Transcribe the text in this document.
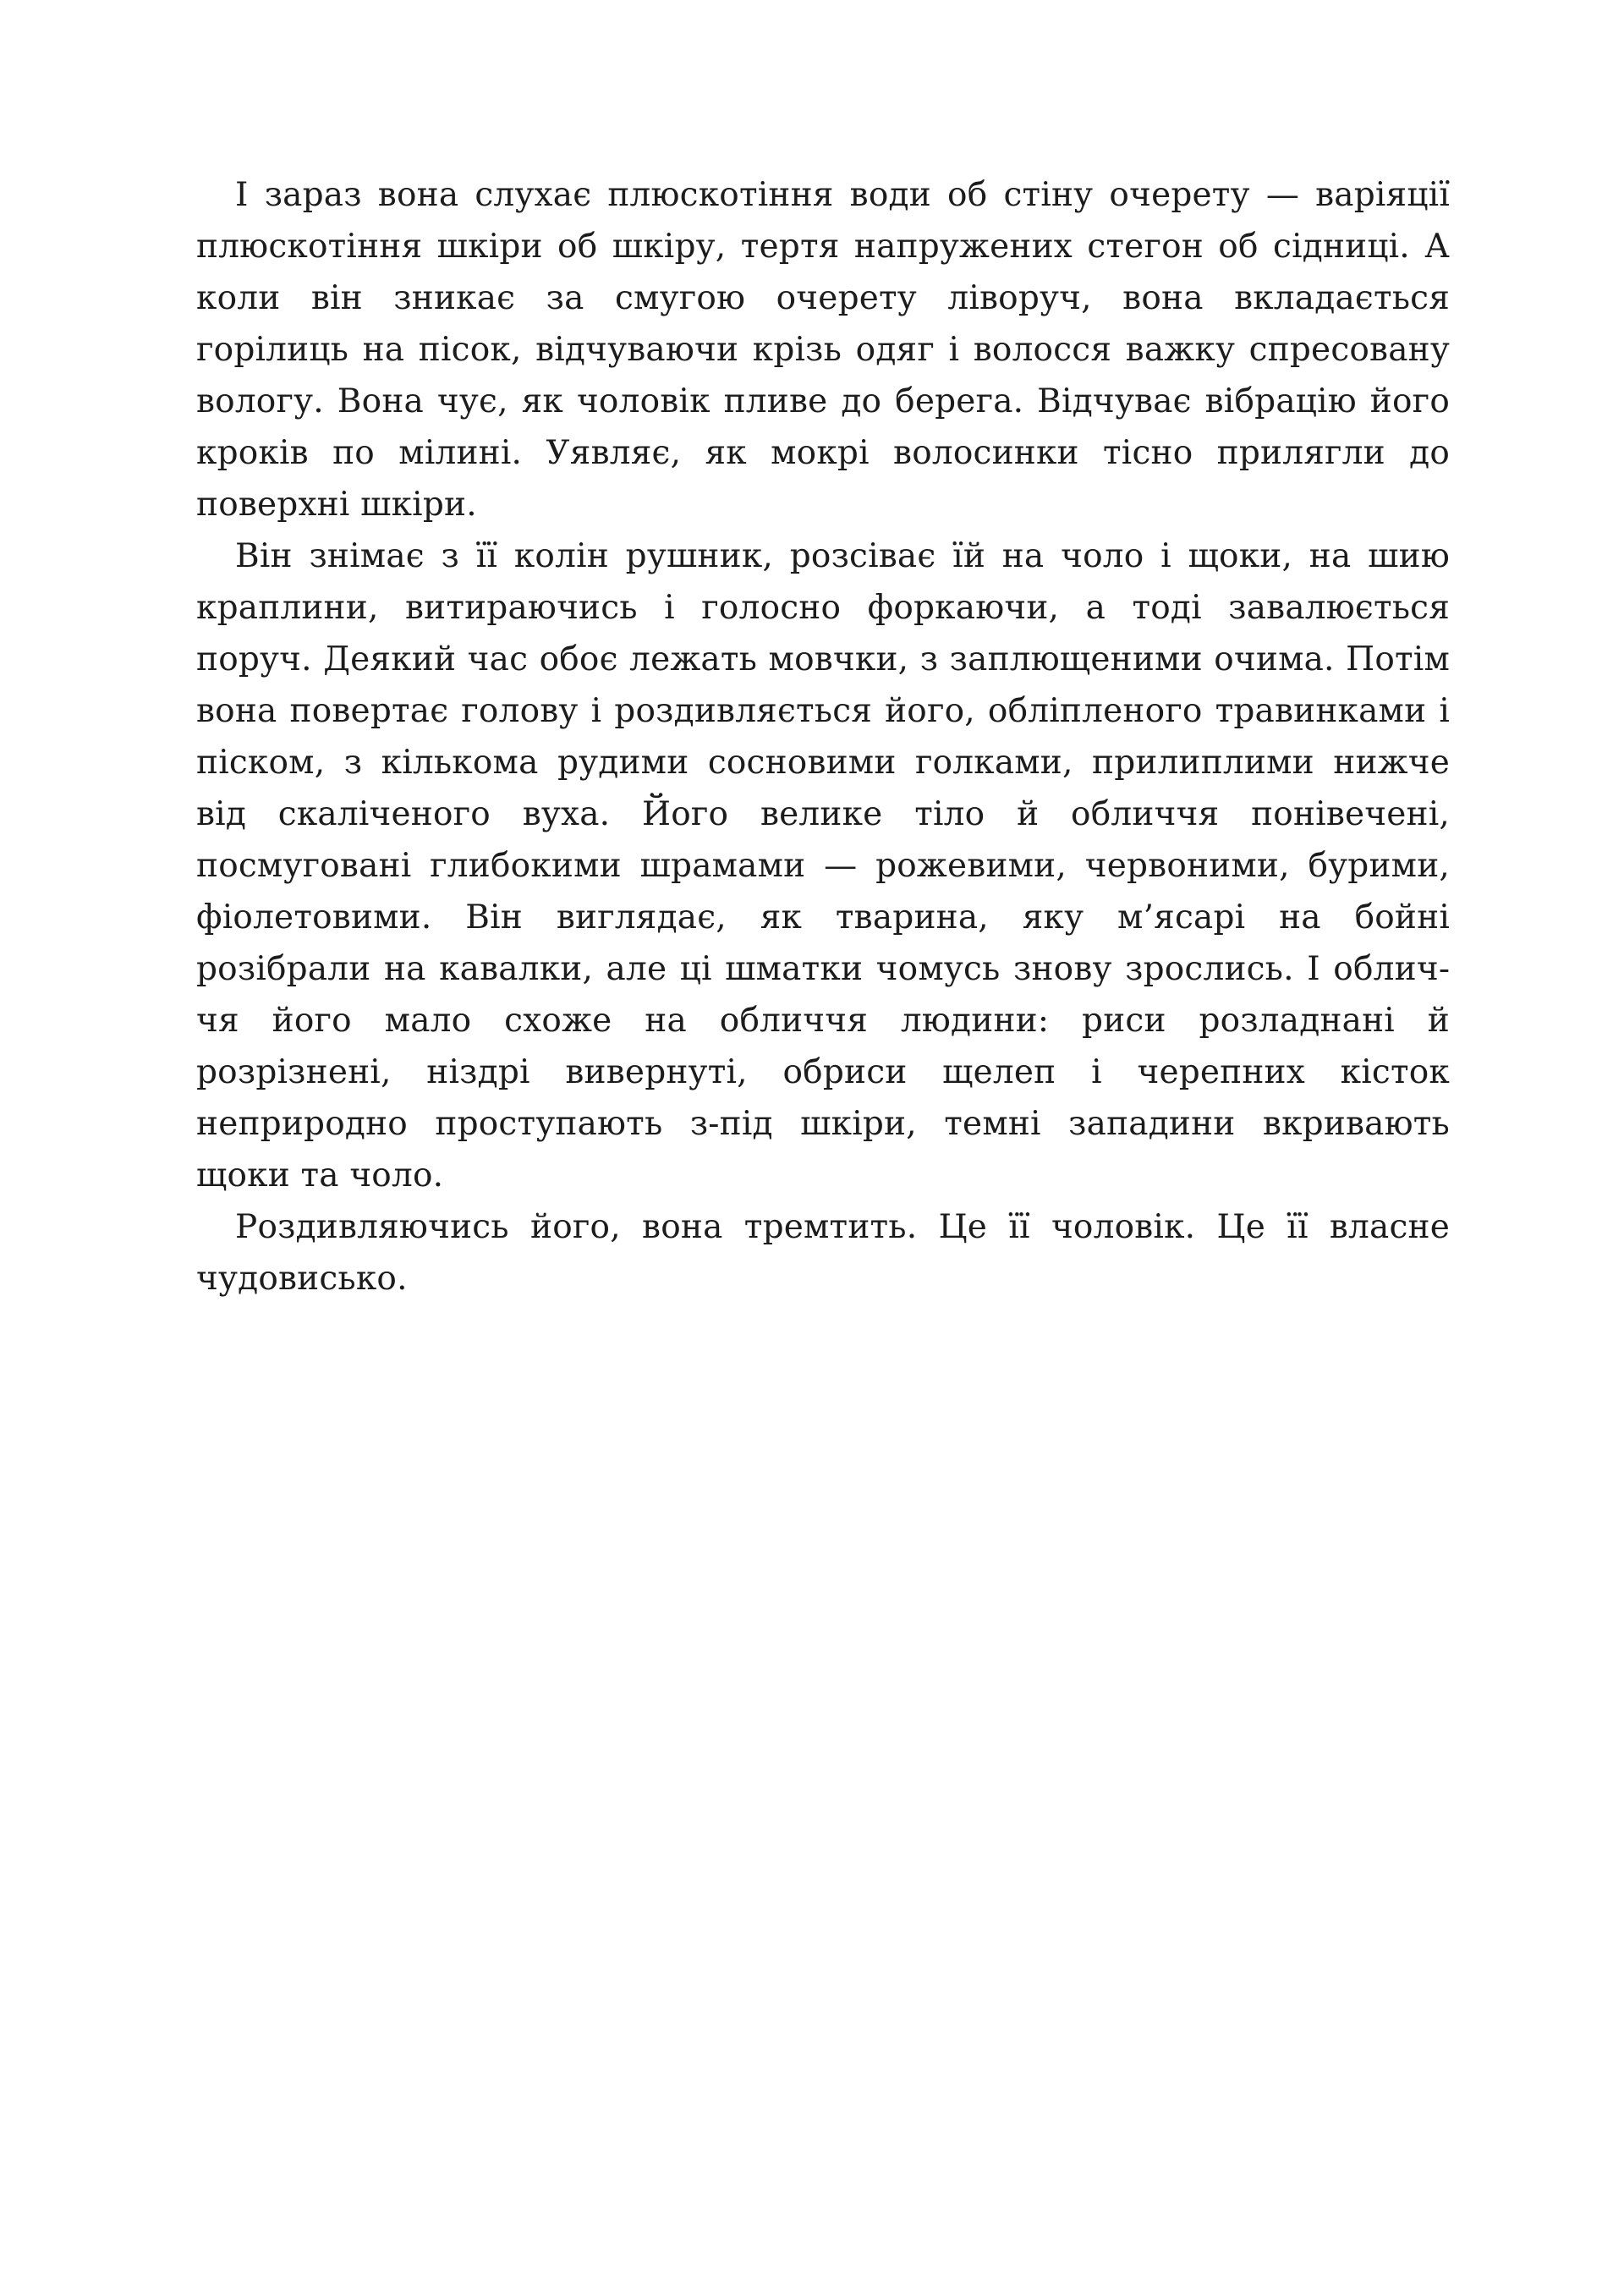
І зараз вона слухає плюскотіння води об стіну очерету — варіяції плюскотіння шкіри об шкіру, тертя напружених стегон об сідниці. А коли він зникає за смугою очерету ліворуч, вона вкладається горілиць на пісок, відчуваючи крізь одяг і волосся важку спресовану вологу. Вона чує, як чоловік пливе до берега. Відчуває вібрацію його кроків по мілині. Уявляє, як мокрі волосинки тісно прилягли до поверхні шкіри.

Він знімає з її колін рушник, розсіває їй на чоло і щоки, на шию краплини, витираючись і голосно форкаючи, а тоді завалюється поруч. Деякий час обоє лежать мовчки, з заплющеними очима. Потім вона повертає голову і роздивляється його, обліпленого травинками і піском, з кількома рудими сосновими голками, прилиплими нижче від скаліченого вуха. Його велике тіло й обличчя понівечені, посмуговані глибокими шрамами — рожевими, червоними, бурими, фіолетовими. Він виглядає, як тварина, яку м’ясарі на бойні розібрали на кавалки, але ці шматки чомусь знову зрослись. І обличчя його мало схоже на обличчя людини: риси розладнані й розрізнені, ніздрі вивернуті, обриси щелеп і черепних кісток неприродно проступають з-під шкіри, темні западини вкривають щоки та чоло.

Роздивляючись його, вона тремтить. Це її чоловік. Це її власне чудовисько.
